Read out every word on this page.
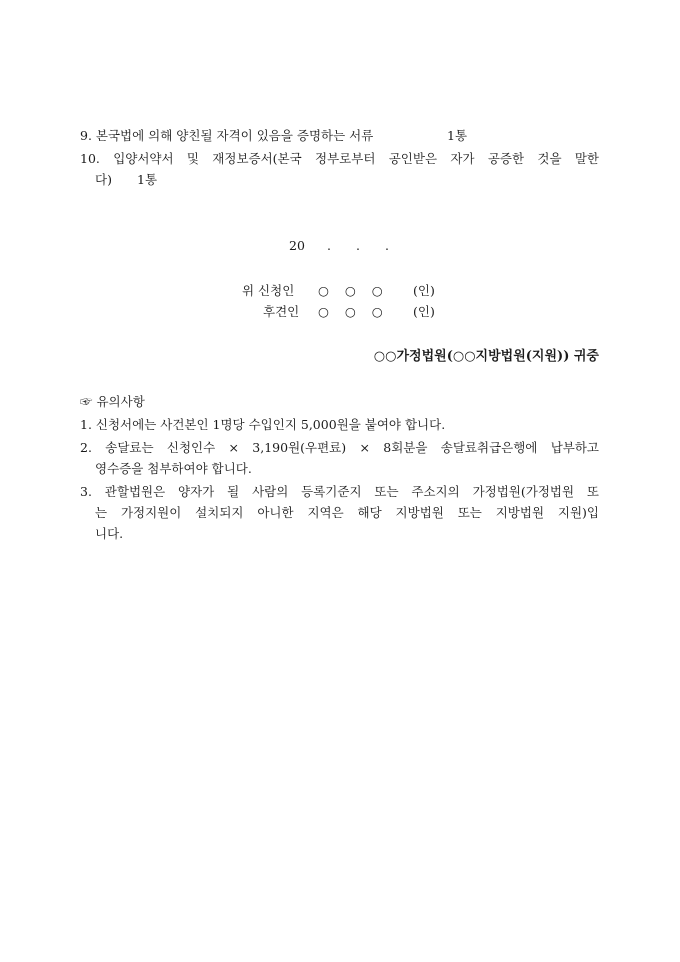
9. 본국법에 의해 양친될 자격이 있음을 증명하는 서류	1통
10. 입양서약서 및 재정보증서(본국 정부로부터 공인받은 자가 공증한 것을 말한
다) 1통
20 . . .
위 신청인 ○ ○ ○ (인)
후견인 ○ ○ ○ (인)
○○가정법원(○○지방법원(지원)) 귀중
☞ 유의사항
1. 신청서에는 사건본인 1명당 수입인지 5,000원을 붙여야 합니다.
2. 송달료는 신청인수 × 3,190원(우편료) × 8회분을 송달료취급은행에 납부하고
영수증을 첨부하여야 합니다.
3. 관할법원은 양자가 될 사람의 등록기준지 또는 주소지의 가정법원(가정법원 또
는 가정지원이 설치되지 아니한 지역은 해당 지방법원 또는 지방법원 지원)입
니다.
